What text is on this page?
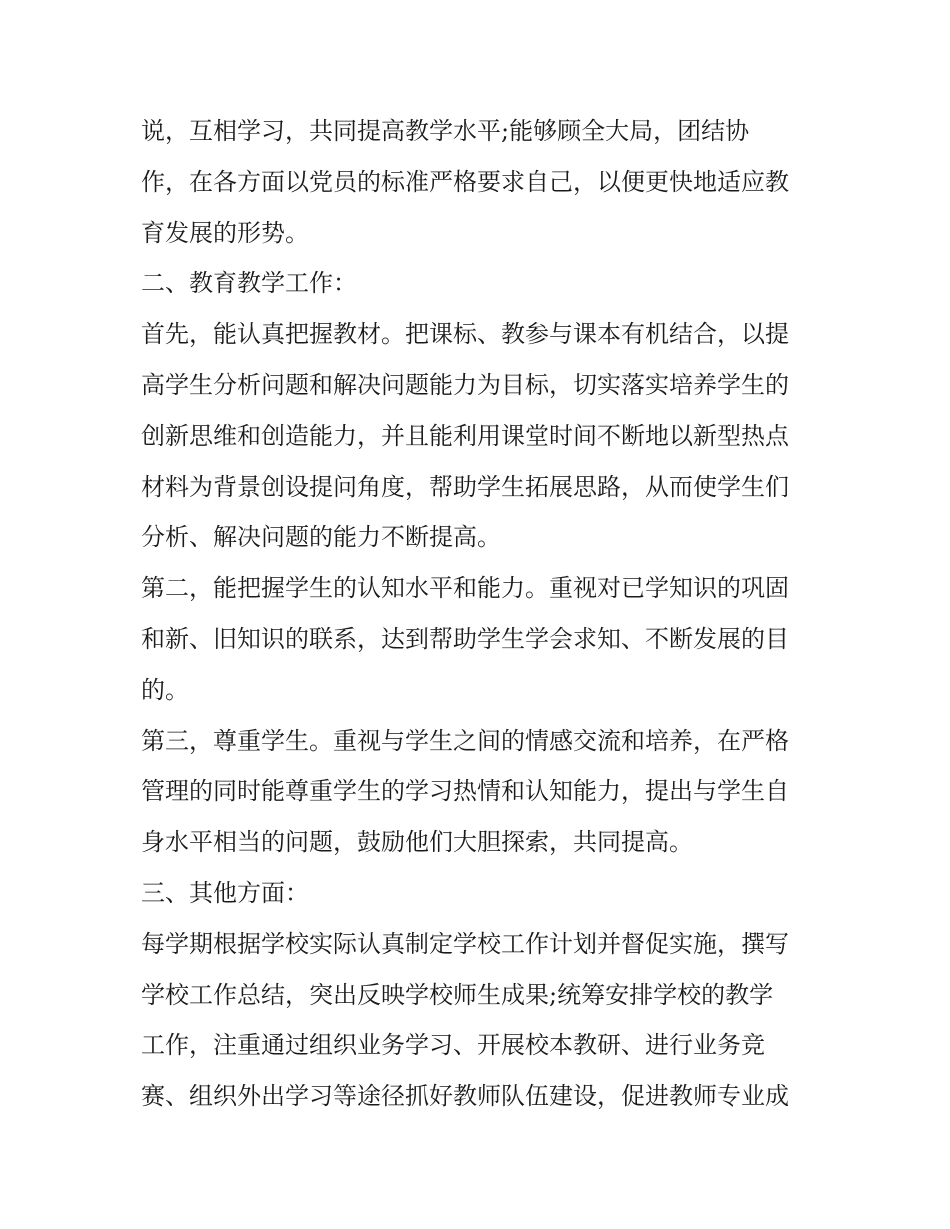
说，互相学习，共同提高教学水平;能够顾全大局，团结协
作，在各方面以党员的标准严格要求自己，以便更快地适应教
育发展的形势。
二、教育教学工作：
首先，能认真把握教材。把课标、教参与课本有机结合，以提
高学生分析问题和解决问题能力为目标，切实落实培养学生的
创新思维和创造能力，并且能利用课堂时间不断地以新型热点
材料为背景创设提问角度，帮助学生拓展思路，从而使学生们
分析、解决问题的能力不断提高。
第二，能把握学生的认知水平和能力。重视对已学知识的巩固
和新、旧知识的联系，达到帮助学生学会求知、不断发展的目
的。
第三，尊重学生。重视与学生之间的情感交流和培养，在严格
管理的同时能尊重学生的学习热情和认知能力，提出与学生自
身水平相当的问题，鼓励他们大胆探索，共同提高。
三、其他方面：
每学期根据学校实际认真制定学校工作计划并督促实施，撰写
学校工作总结，突出反映学校师生成果;统筹安排学校的教学
工作，注重通过组织业务学习、开展校本教研、进行业务竞
赛、组织外出学习等途径抓好教师队伍建设，促进教师专业成
